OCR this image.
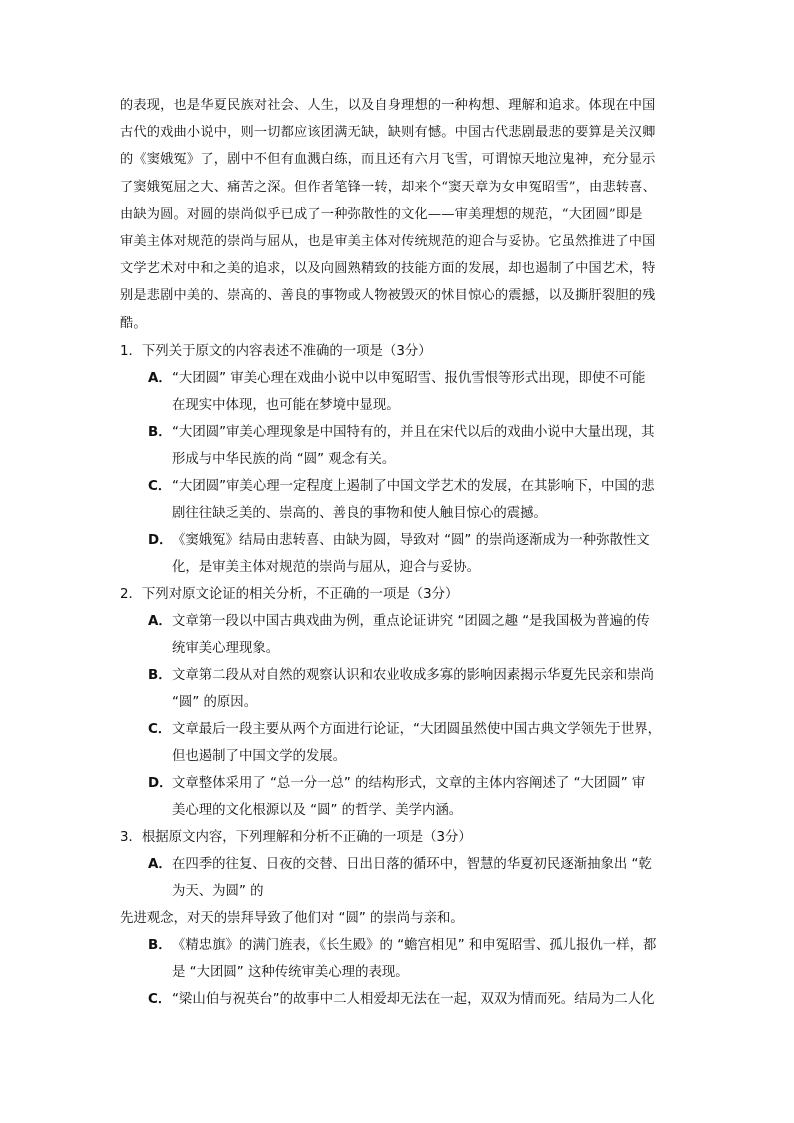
的表现，也是华夏民族对社会、人生，以及自身理想的一种构想、理解和追求。体现在中国

古代的戏曲小说中，则一切都应该团满无缺，缺则有憾。中国古代悲剧最悲的要算是关汉卿

的《窦娥冤》了，剧中不但有血溅白练，而且还有六月飞雪，可谓惊天地泣鬼神，充分显示

了窦娥冤屈之大、痛苦之深。但作者笔锋一转，却来个“窦天章为女申冤昭雪”，由悲转喜、

由缺为圆。对圆的崇尚似乎已成了一种弥散性的文化——审美理想的规范，“大团圆”即是

审美主体对规范的崇尚与屈从，也是审美主体对传统规范的迎合与妥协。它虽然推进了中国

文学艺术对中和之美的追求，以及向圆熟精致的技能方面的发展，却也遏制了中国艺术，特

别是悲剧中美的、崇高的、善良的事物或人物被毁灭的怵目惊心的震撼，以及撕肝裂胆的残

酷。

1．下列关于原文的内容表述不准确的一项是（3分）

A．“大团圆” 审美心理在戏曲小说中以申冤昭雪、报仇雪恨等形式出现，即使不可能
在现实中体现，也可能在梦境中显现。
B．“大团圆”审美心理现象是中国特有的，并且在宋代以后的戏曲小说中大量出现，其
形成与中华民族的尚 “圆” 观念有关。
C．“大团圆”审美心理一定程度上遏制了中国文学艺术的发展，在其影响下，中国的悲
剧往往缺乏美的、崇高的、善良的事物和使人触目惊心的震撼。
D．《窦娥冤》结局由悲转喜、由缺为圆，导致对 “圆” 的崇尚逐渐成为一种弥散性文
化，是审美主体对规范的崇尚与屈从，迎合与妥协。

2．下列对原文论证的相关分析，不正确的一项是（3分）

A．文章第一段以中国古典戏曲为例，重点论证讲究 “团圆之趣 “是我国极为普遍的传
统审美心理现象。
B．文章第二段从对自然的观察认识和农业收成多寡的影响因素揭示华夏先民亲和崇尚
“圆” 的原因。
C．文章最后一段主要从两个方面进行论证，“大团圆虽然使中国古典文学领先于世界，
但也遏制了中国文学的发展。
D．文章整体采用了 “总一分一总” 的结构形式，文章的主体内容阐述了 “大团圆” 审
美心理的文化根源以及 “圆” 的哲学、美学内涵。

3．根据原文内容，下列理解和分析不正确的一项是（3分）

A．在四季的往复、日夜的交替、日出日落的循环中，智慧的华夏初民逐渐抽象出 “乾
为天、为圆” 的
先进观念，对天的崇拜导致了他们对 “圆” 的崇尚与亲和。
B．《精忠旗》的满门旌表，《长生殿》的 “蟾宫相见” 和申冤昭雪、孤儿报仇一样，都
是 “大团圆” 这种传统审美心理的表现。
C．“梁山伯与祝英台”的故事中二人相爱却无法在一起，双双为情而死。结局为二人化
